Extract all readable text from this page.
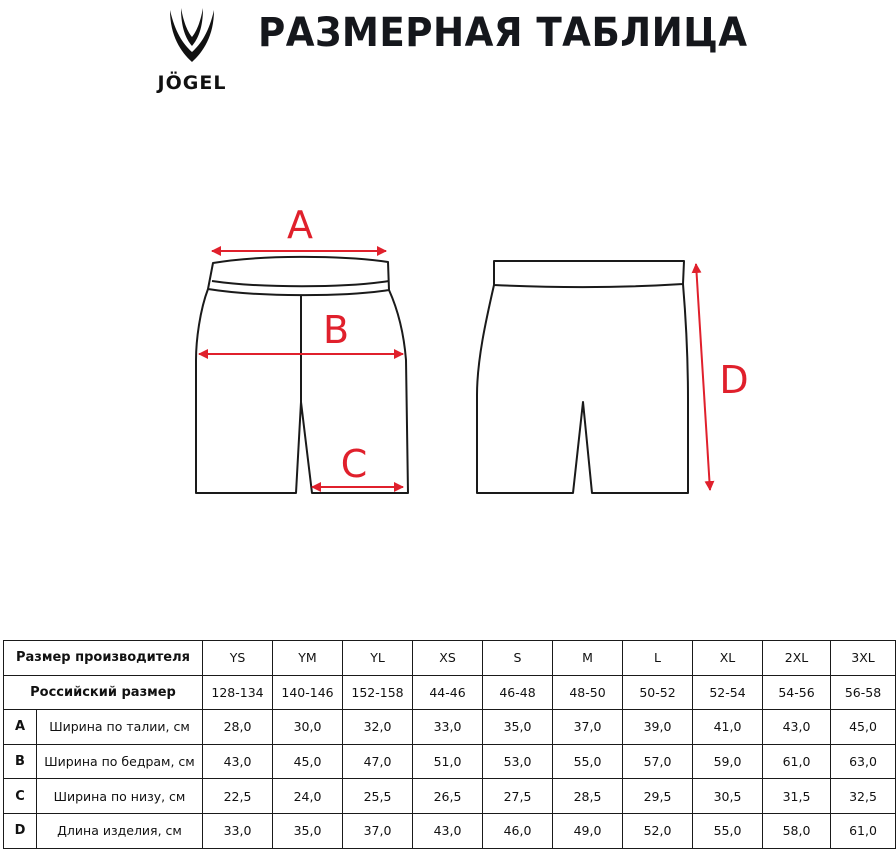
JÖGEL
РАЗМЕРНАЯ ТАБЛИЦА
A
B
C
D
Размер производителя		YS	YM	YL	XS	S	M	L	XL	2XL	3XL
Российский размер		128-134	140-146	152-158	44-46	46-48	48-50	50-52	52-54	54-56	56-58
A	Ширина по талии, см	28,0	30,0	32,0	33,0	35,0	37,0	39,0	41,0	43,0	45,0
B	Ширина по бедрам, см	43,0	45,0	47,0	51,0	53,0	55,0	57,0	59,0	61,0	63,0
C	Ширина по низу, см	22,5	24,0	25,5	26,5	27,5	28,5	29,5	30,5	31,5	32,5
D	Длина изделия, см	33,0	35,0	37,0	43,0	46,0	49,0	52,0	55,0	58,0	61,0
